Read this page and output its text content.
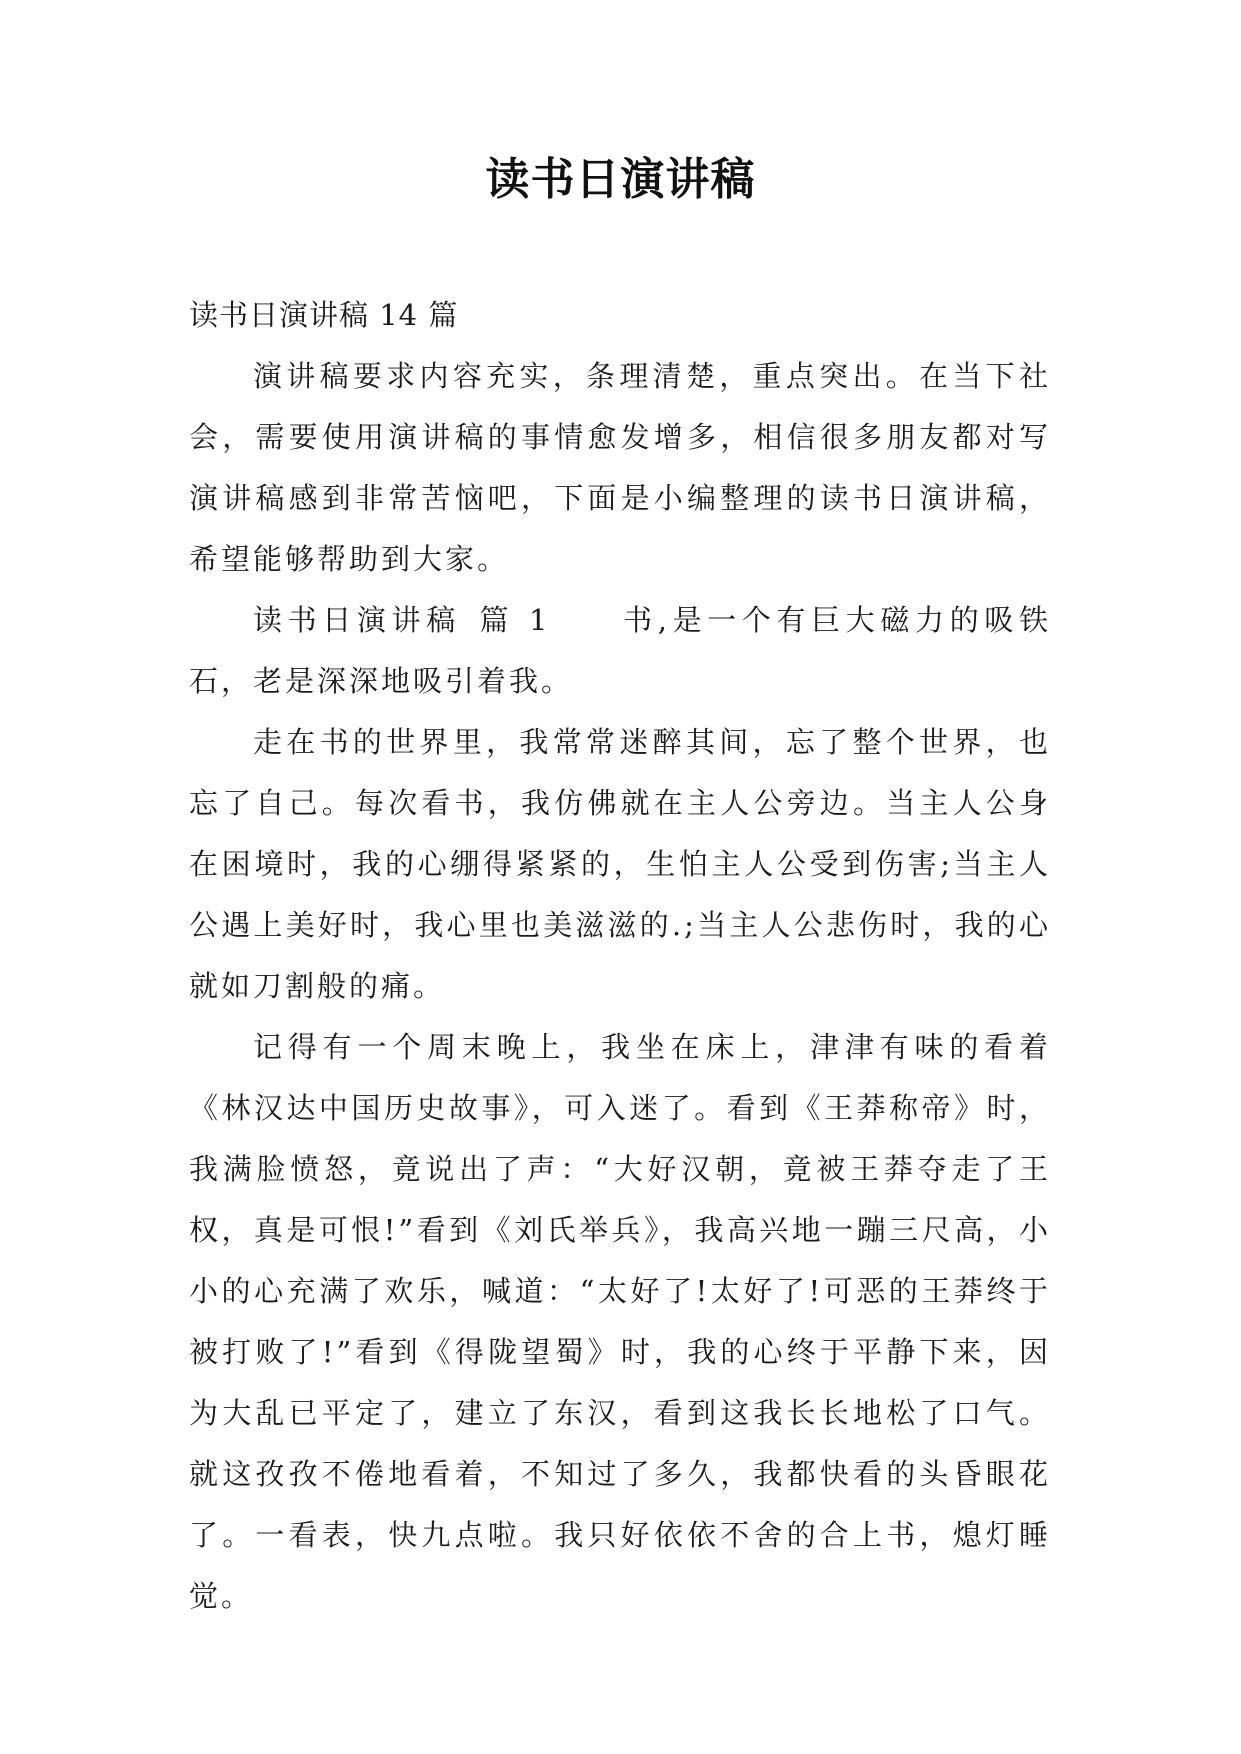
读书日演讲稿

读书日演讲稿 14 篇

演讲稿要求内容充实，条理清楚，重点突出。在当下社会，需要使用演讲稿的事情愈发增多，相信很多朋友都对写演讲稿感到非常苦恼吧，下面是小编整理的读书日演讲稿，希望能够帮助到大家。

读书日演讲稿 篇 1 书,是一个有巨大磁力的吸铁石，老是深深地吸引着我。

走在书的世界里，我常常迷醉其间，忘了整个世界，也忘了自己。每次看书，我仿佛就在主人公旁边。当主人公身在困境时，我的心绷得紧紧的，生怕主人公受到伤害;当主人公遇上美好时，我心里也美滋滋的.;当主人公悲伤时，我的心就如刀割般的痛。

记得有一个周末晚上，我坐在床上，津津有味的看着《林汉达中国历史故事》，可入迷了。看到《王莽称帝》时，我满脸愤怒，竟说出了声：“大好汉朝，竟被王莽夺走了王权，真是可恨!”看到《刘氏举兵》，我高兴地一蹦三尺高，小小的心充满了欢乐，喊道：“太好了!太好了!可恶的王莽终于被打败了!”看到《得陇望蜀》时，我的心终于平静下来，因为大乱已平定了，建立了东汉，看到这我长长地松了口气。就这孜孜不倦地看着，不知过了多久，我都快看的头昏眼花了。一看表，快九点啦。我只好依依不舍的合上书，熄灯睡觉。
